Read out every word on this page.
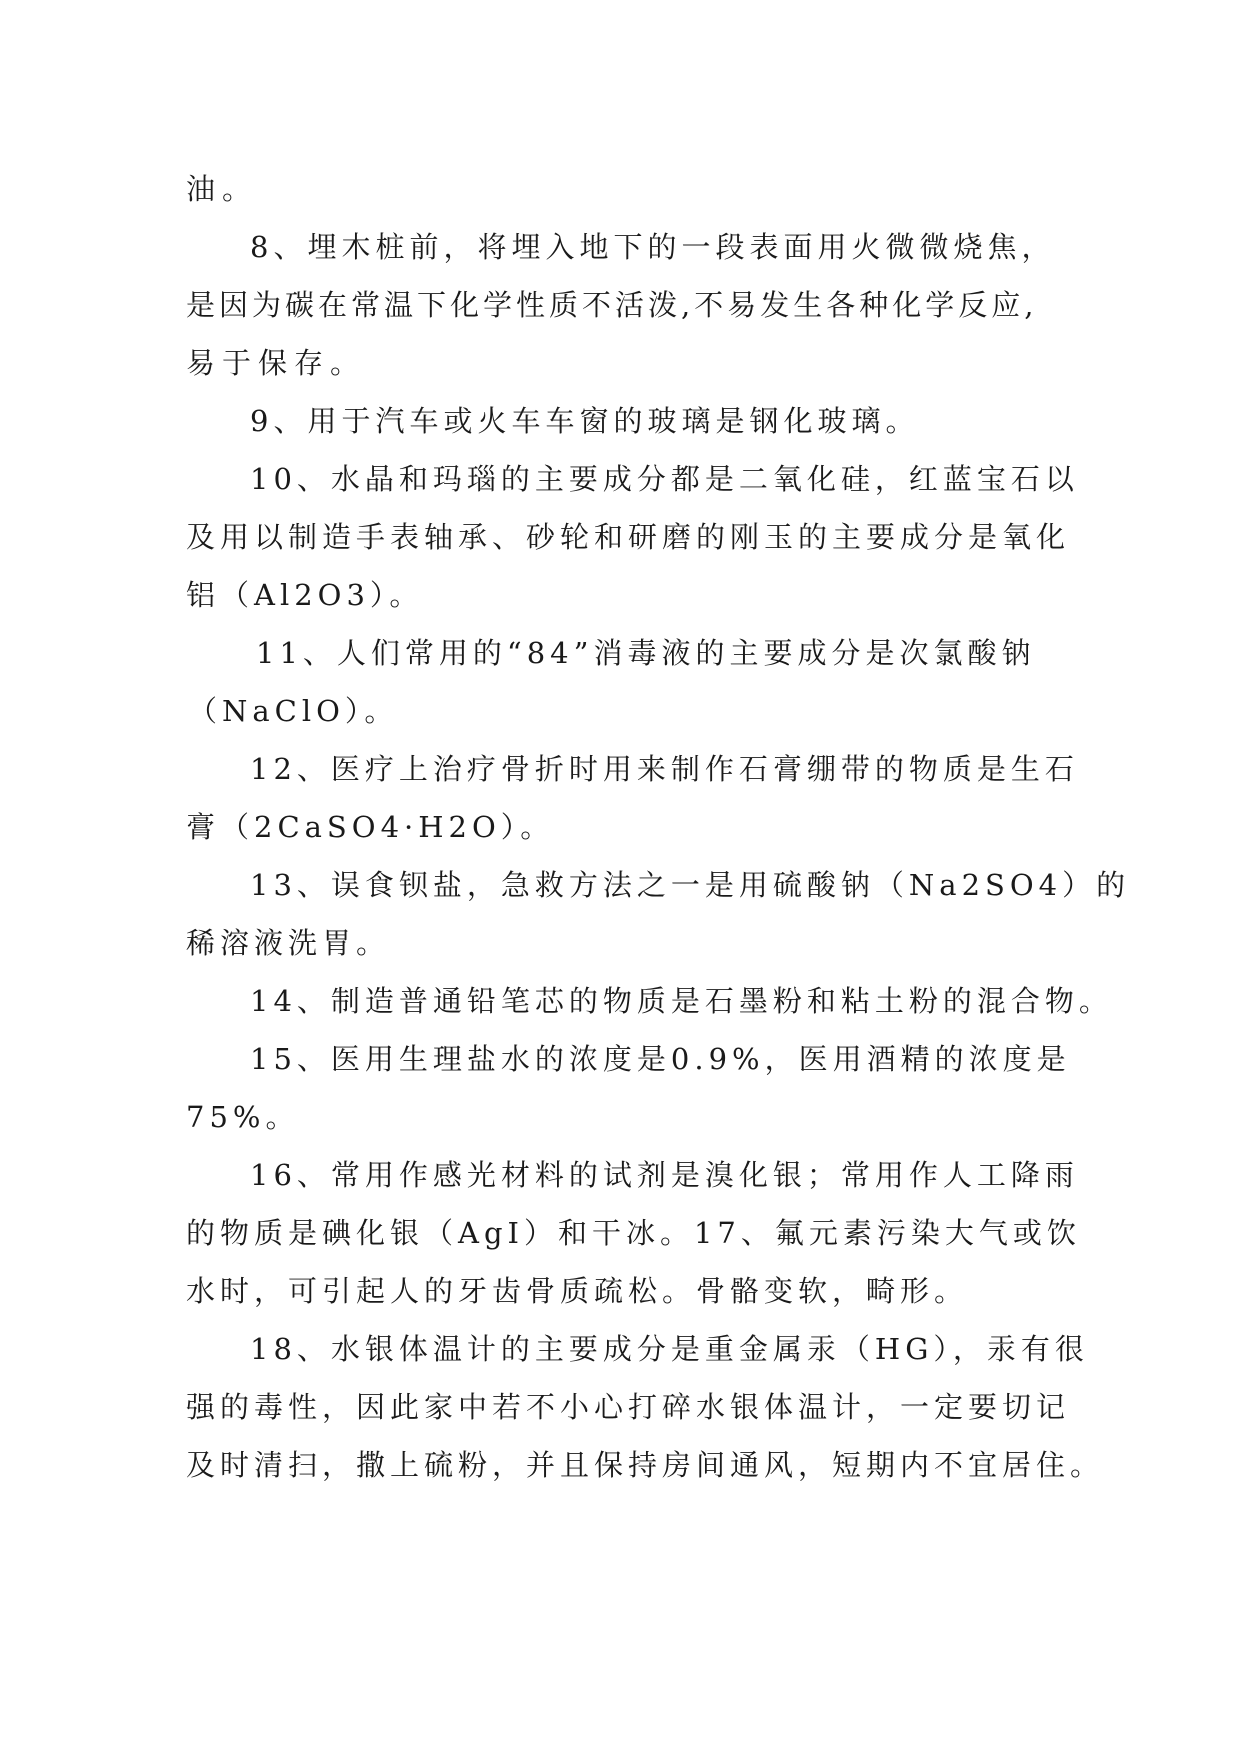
油。
8、埋木桩前，将埋入地下的一段表面用火微微烧焦，
是因为碳在常温下化学性质不活泼,不易发生各种化学反应,
易于保存。
9、用于汽车或火车车窗的玻璃是钢化玻璃。
10、水晶和玛瑙的主要成分都是二氧化硅，红蓝宝石以
及用以制造手表轴承、砂轮和研磨的刚玉的主要成分是氧化
铝（Al2O3）。
11、人们常用的“84”消毒液的主要成分是次氯酸钠
（NaClO）。
12、医疗上治疗骨折时用来制作石膏绷带的物质是生石
膏（2CaSO4·H2O）。
13、误食钡盐，急救方法之一是用硫酸钠（Na2SO4）的
稀溶液洗胃。
14、制造普通铅笔芯的物质是石墨粉和粘土粉的混合物。
15、医用生理盐水的浓度是0.9%，医用酒精的浓度是
75%。
16、常用作感光材料的试剂是溴化银；常用作人工降雨
的物质是碘化银（AgI）和干冰。17、氟元素污染大气或饮
水时，可引起人的牙齿骨质疏松。骨骼变软，畸形。
18、水银体温计的主要成分是重金属汞（HG），汞有很
强的毒性，因此家中若不小心打碎水银体温计，一定要切记
及时清扫，撒上硫粉，并且保持房间通风，短期内不宜居住。
